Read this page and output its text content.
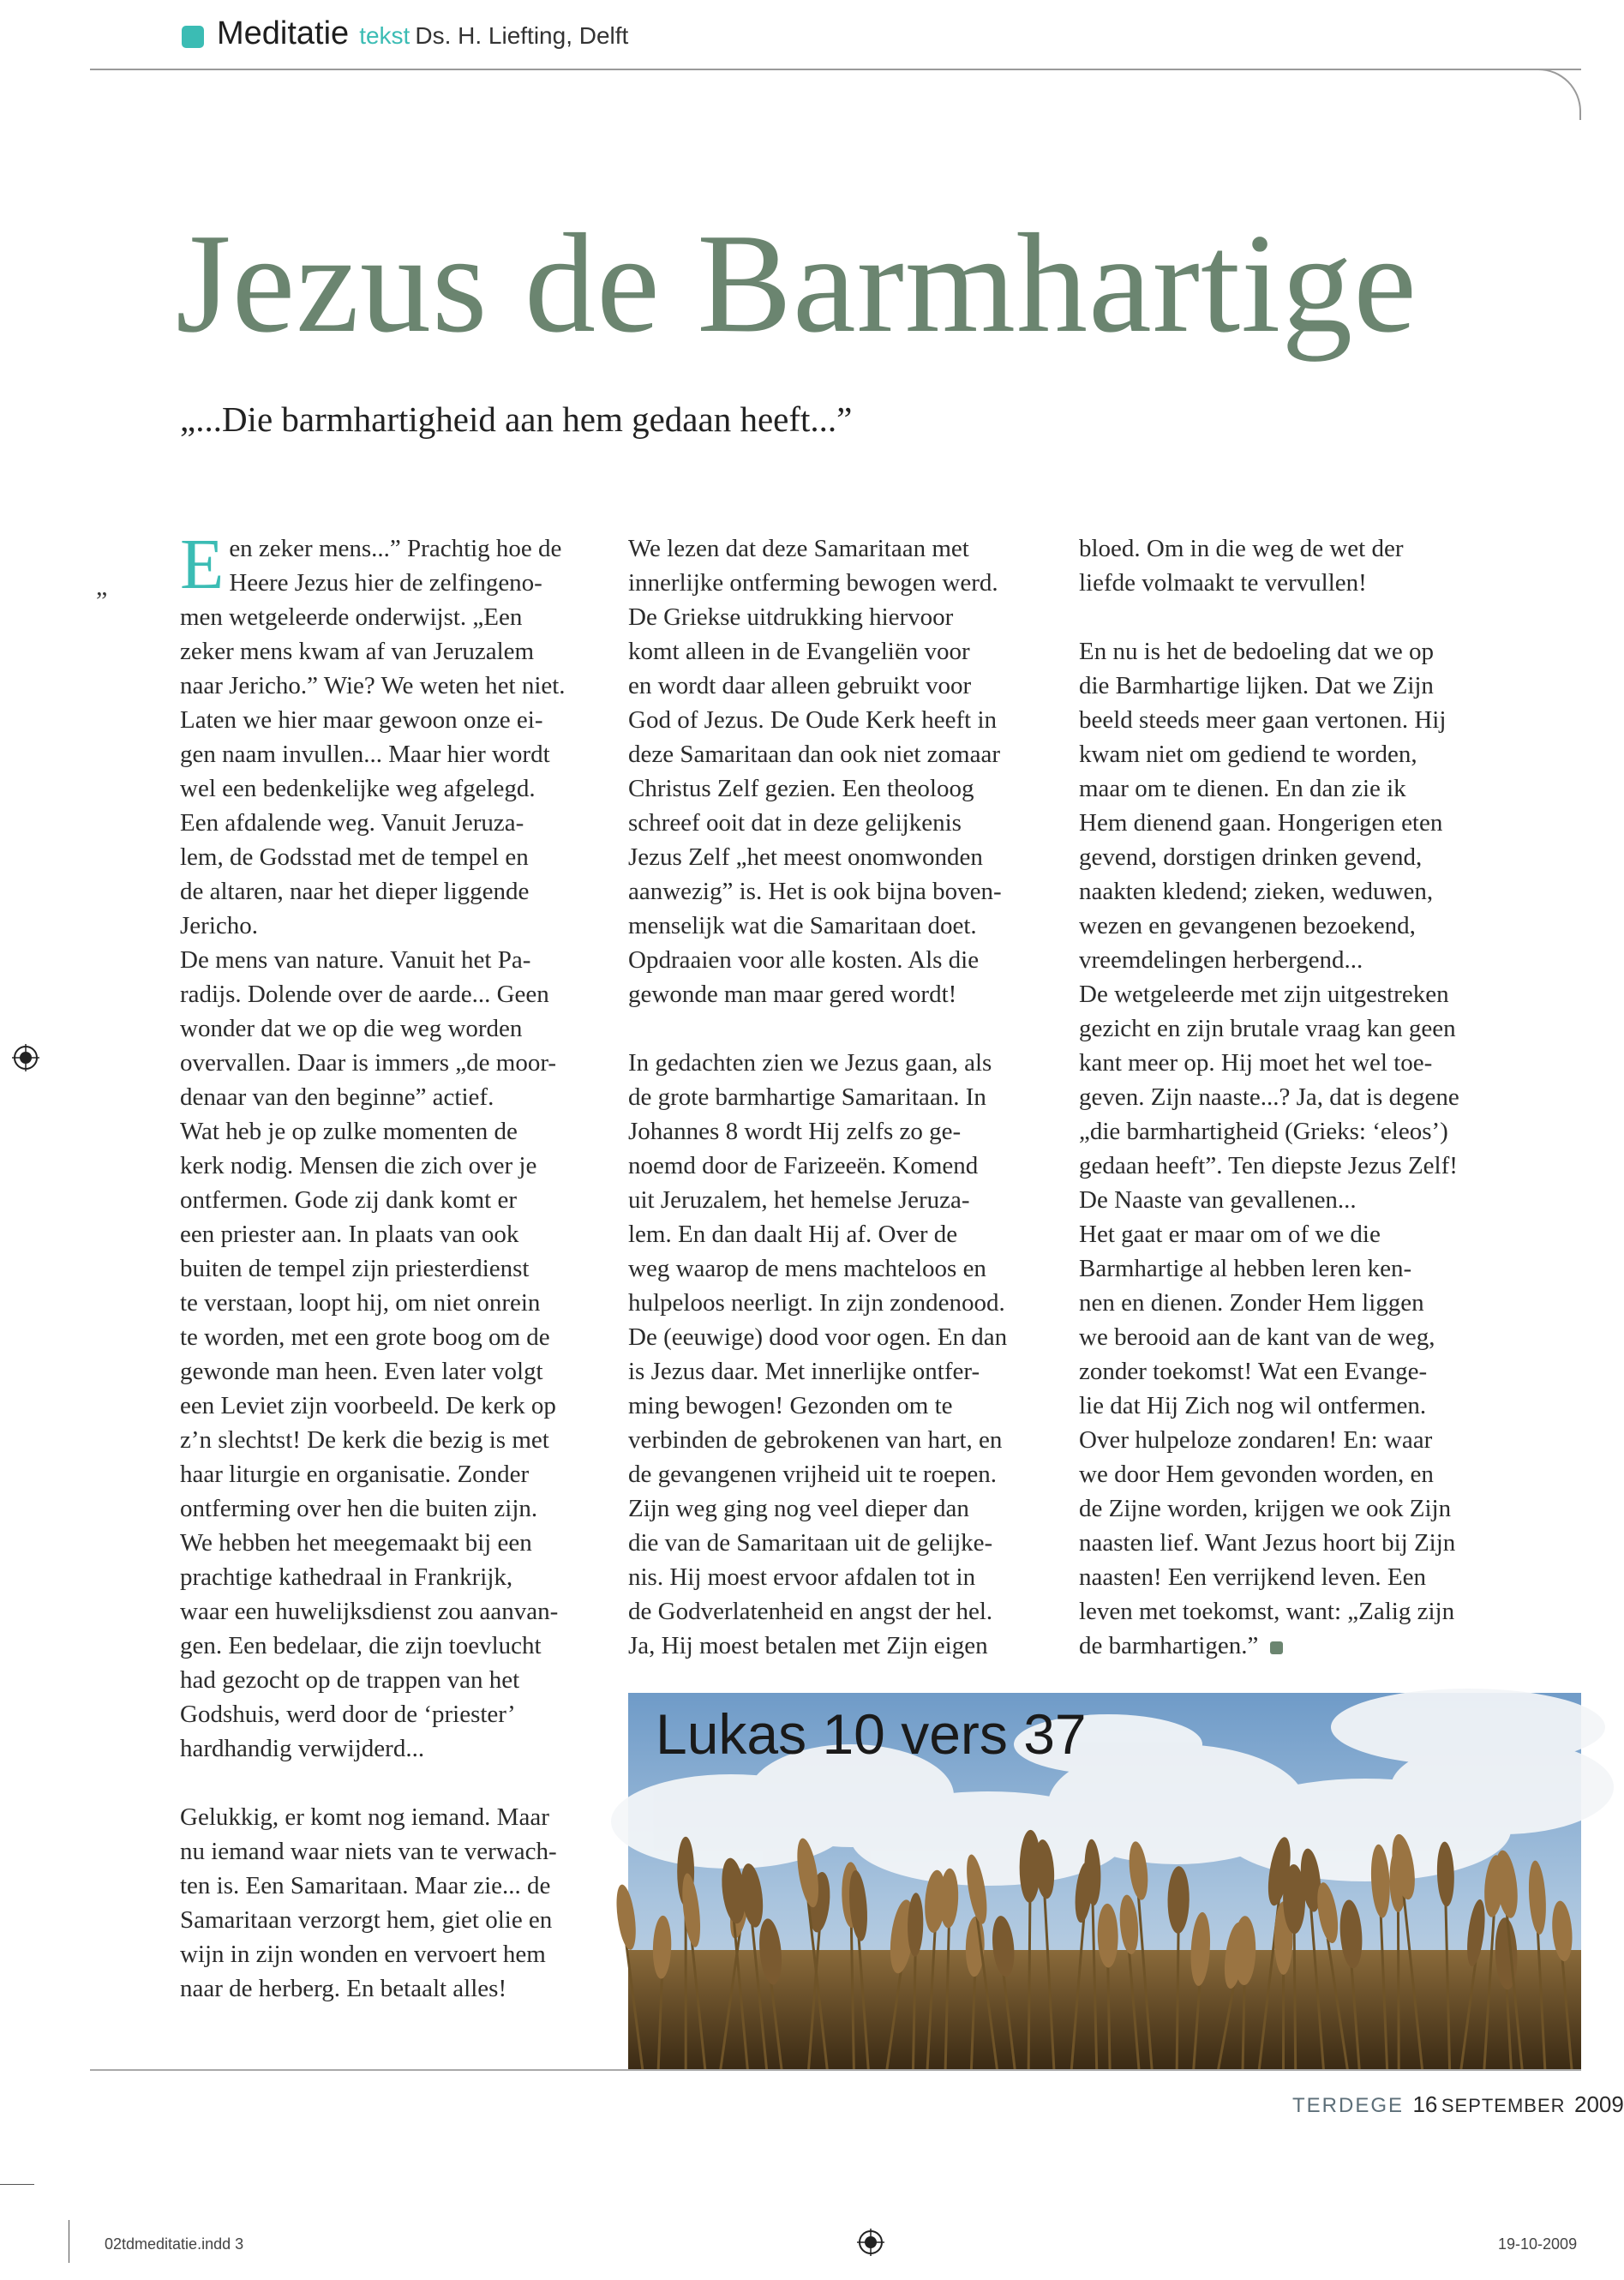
Meditatie tekst Ds. H. Liefting, Delft
Jezus de Barmhartige
„...Die barmhartigheid aan hem gedaan heeft...”
„ E en zeker mens...” Prachtig hoe de

Heere Jezus hier de zelfingeno-

men wetgeleerde onderwijst. „Een

zeker mens kwam af van Jeruzalem

naar Jericho.” Wie? We weten het niet.

Laten we hier maar gewoon onze ei-

gen naam invullen... Maar hier wordt

wel een bedenkelijke weg afgelegd.

Een afdalende weg. Vanuit Jeruza-

lem, de Godsstad met de tempel en

de altaren, naar het dieper liggende

Jericho.

De mens van nature. Vanuit het Pa-

radijs. Dolende over de aarde... Geen

wonder dat we op die weg worden

overvallen. Daar is immers „de moor-

denaar van den beginne” actief.

Wat heb je op zulke momenten de

kerk nodig. Mensen die zich over je

ontfermen. Gode zij dank komt er

een priester aan. In plaats van ook

buiten de tempel zijn priesterdienst

te verstaan, loopt hij, om niet onrein

te worden, met een grote boog om de

gewonde man heen. Even later volgt

een Leviet zijn voorbeeld. De kerk op

z’n slechtst! De kerk die bezig is met

haar liturgie en organisatie. Zonder

ontferming over hen die buiten zijn.

We hebben het meegemaakt bij een

prachtige kathedraal in Frankrijk,

waar een huwelijksdienst zou aanvan-

gen. Een bedelaar, die zijn toevlucht

had gezocht op de trappen van het

Godshuis, werd door de ‘priester’

hardhandig verwijderd...

Gelukkig, er komt nog iemand. Maar

nu iemand waar niets van te verwach-

ten is. Een Samaritaan. Maar zie... de

Samaritaan verzorgt hem, giet olie en

wijn in zijn wonden en vervoert hem

naar de herberg. En betaalt alles!

We lezen dat deze Samaritaan met

innerlijke ontferming bewogen werd.

De Griekse uitdrukking hiervoor

komt alleen in de Evangeliën voor

en wordt daar alleen gebruikt voor

God of Jezus. De Oude Kerk heeft in

deze Samaritaan dan ook niet zomaar

Christus Zelf gezien. Een theoloog

schreef ooit dat in deze gelijkenis

Jezus Zelf „het meest onomwonden

aanwezig” is. Het is ook bijna boven-

menselijk wat die Samaritaan doet.

Opdraaien voor alle kosten. Als die

gewonde man maar gered wordt!

In gedachten zien we Jezus gaan, als

de grote barmhartige Samaritaan. In

Johannes 8 wordt Hij zelfs zo ge-

noemd door de Farizeeën. Komend

uit Jeruzalem, het hemelse Jeruza-

lem. En dan daalt Hij af. Over de

weg waarop de mens machteloos en

hulpeloos neerligt. In zijn zondenood.

De (eeuwige) dood voor ogen. En dan

is Jezus daar. Met innerlijke ontfer-

ming bewogen! Gezonden om te

verbinden de gebrokenen van hart, en

de gevangenen vrijheid uit te roepen.

Zijn weg ging nog veel dieper dan

die van de Samaritaan uit de gelijke-

nis. Hij moest ervoor afdalen tot in

de Godverlatenheid en angst der hel.

Ja, Hij moest betalen met Zijn eigen

bloed. Om in die weg de wet der

liefde volmaakt te vervullen!

En nu is het de bedoeling dat we op

die Barmhartige lijken. Dat we Zijn

beeld steeds meer gaan vertonen. Hij

kwam niet om gediend te worden,

maar om te dienen. En dan zie ik

Hem dienend gaan. Hongerigen eten

gevend, dorstigen drinken gevend,

naakten kledend; zieken, weduwen,

wezen en gevangenen bezoekend,

vreemdelingen herbergend...

De wetgeleerde met zijn uitgestreken

gezicht en zijn brutale vraag kan geen

kant meer op. Hij moet het wel toe-

geven. Zijn naaste...? Ja, dat is degene

„die barmhartigheid (Grieks: ‘eleos’)

gedaan heeft”. Ten diepste Jezus Zelf!

De Naaste van gevallenen...

Het gaat er maar om of we die

Barmhartige al hebben leren ken-

nen en dienen. Zonder Hem liggen

we berooid aan de kant van de weg,

zonder toekomst! Wat een Evange-

lie dat Hij Zich nog wil ontfermen.

Over hulpeloze zondaren! En: waar

we door Hem gevonden worden, en

de Zijne worden, krijgen we ook Zijn

naasten lief. Want Jezus hoort bij Zijn

naasten! Een verrijkend leven. Een

leven met toekomst, want: „Zalig zijn

de barmhartigen.”

Lukas 10 vers 37
TERDEGE 16 SEPTEMBER 2009
02tdmeditatie.indd 3	19-10-2009
